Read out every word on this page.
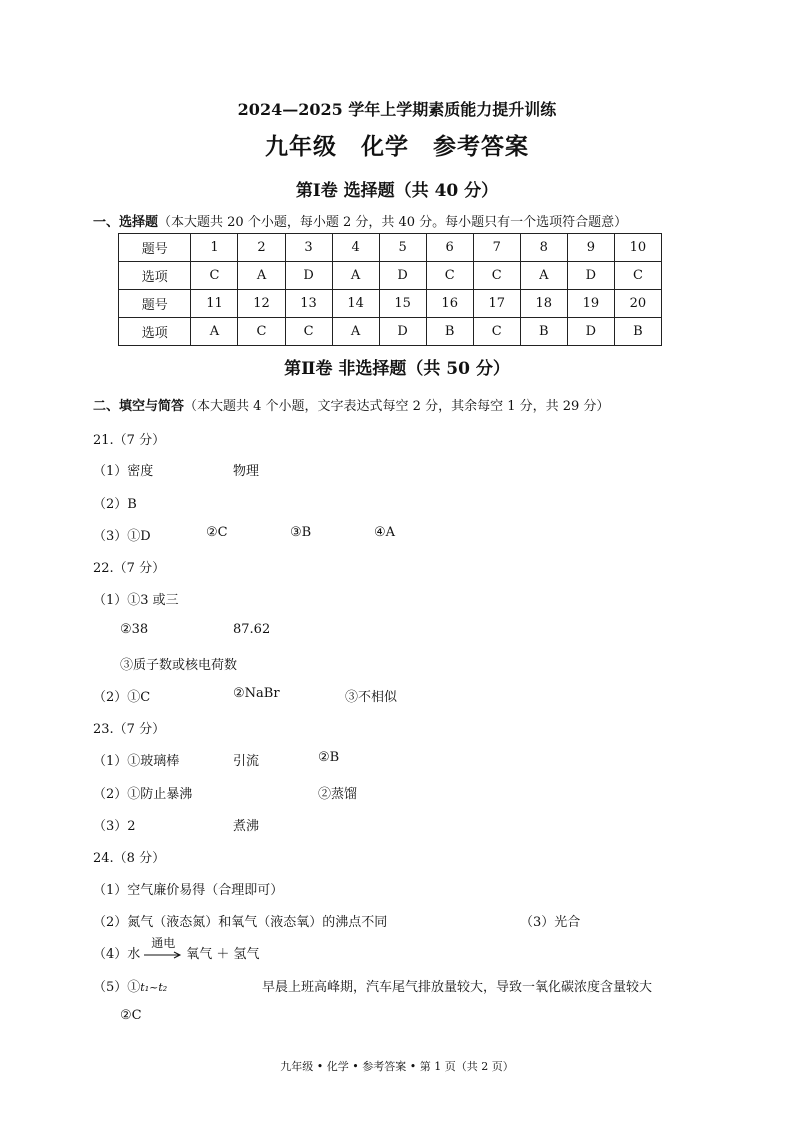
2024—2025 学年上学期素质能力提升训练
九年级　化学　参考答案
第Ⅰ卷 选择题（共 40 分）
一、选择题（本大题共 20 个小题，每小题 2 分，共 40 分。每小题只有一个选项符合题意）
题号	1	2	3	4	5	6	7	8	9	10
选项	C	A	D	A	D	C	C	A	D	C
题号	11	12	13	14	15	16	17	18	19	20
选项	A	C	C	A	D	B	C	B	D	B
第Ⅱ卷 非选择题（共 50 分）
二、填空与简答（本大题共 4 个小题，文字表达式每空 2 分，其余每空 1 分，共 29 分）
21.（7 分）
（1）密度	物理
（2）B
（3）①D	②C	③B	④A
22.（7 分）
（1）①3 或三
②38	87.62
③质子数或核电荷数
（2）①C	②NaBr	③不相似
23.（7 分）
（1）①玻璃棒	引流	②B
（2）①防止暴沸	②蒸馏
（3）2	煮沸
24.（8 分）
（1）空气廉价易得（合理即可）
（2）氮气（液态氮）和氧气（液态氧）的沸点不同	（3）光合
（4）水
通电
氧气 ＋ 氢气
（5）①t₁~t₂	早晨上班高峰期，汽车尾气排放量较大，导致一氧化碳浓度含量较大
②C
九年级 • 化学 • 参考答案 • 第 1 页（共 2 页）
